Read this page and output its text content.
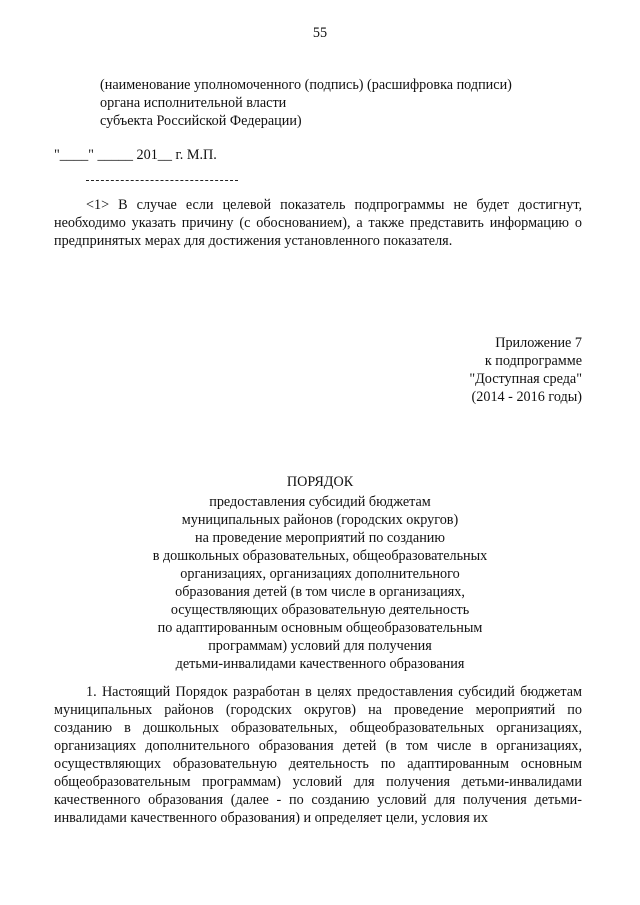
55
(наименование уполномоченного (подпись) (расшифровка подписи)
органа исполнительной власти
субъекта Российской Федерации)
"____" _____ 201__ г. М.П.

<1> В случае если целевой показатель подпрограммы не будет достигнут, необходимо указать причину (с обоснованием), а также представить информацию о предпринятых мерах для достижения установленного показателя.

Приложение 7
к подпрограмме
"Доступная среда"
(2014 - 2016 годы)
ПОРЯДОК
предоставления субсидий бюджетам
муниципальных районов (городских округов)
на проведение мероприятий по созданию
в дошкольных образовательных, общеобразовательных
организациях, организациях дополнительного
образования детей (в том числе в организациях,
осуществляющих образовательную деятельность
по адаптированным основным общеобразовательным
программам) условий для получения
детьми-инвалидами качественного образования

1. Настоящий Порядок разработан в целях предоставления субсидий бюджетам муниципальных районов (городских округов) на проведение мероприятий по созданию в дошкольных образовательных, общеобразовательных организациях, организациях дополнительного образования детей (в том числе в организациях, осуществляющих образовательную деятельность по адаптированным основным общеобразовательным программам) условий для получения детьми-инвалидами качественного образования (далее - по созданию условий для получения детьми-инвалидами качественного образования) и определяет цели, условия их
